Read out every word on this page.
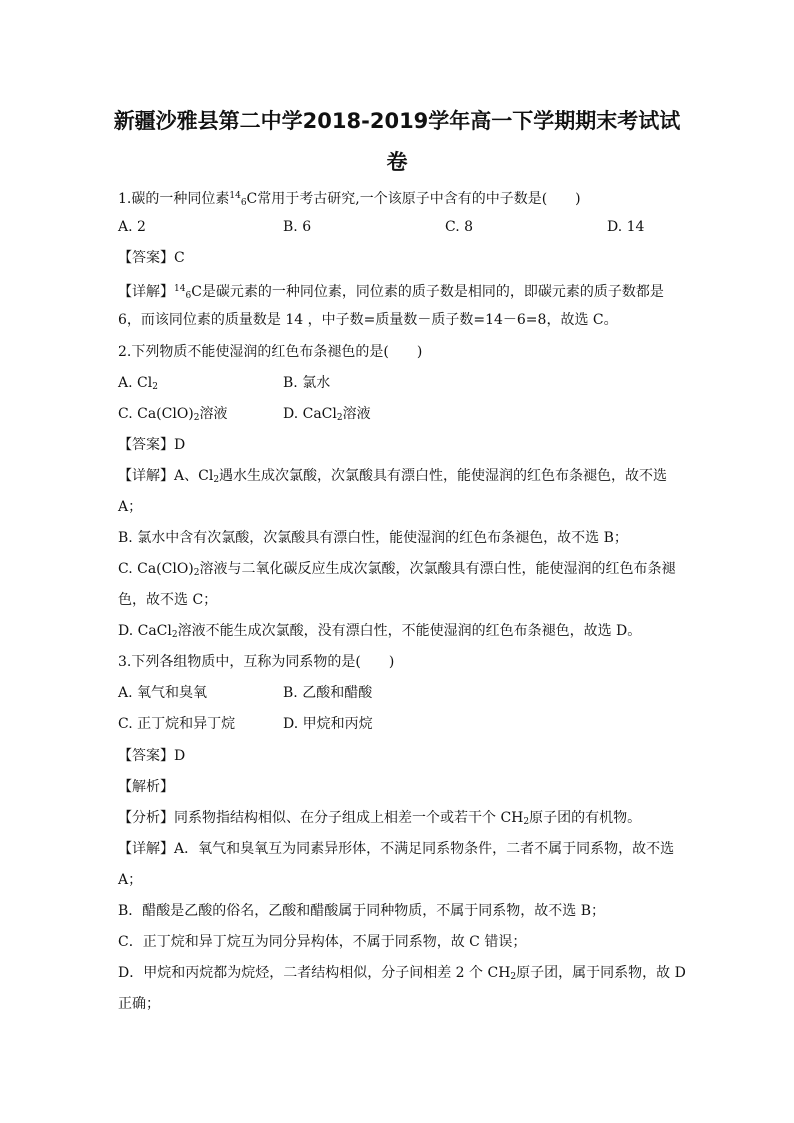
新疆沙雅县第二中学2018-2019学年高一下学期期末考试试
卷
1.碳的一种同位素$^{14}_6$C常用于考古研究,一个该原子中含有的中子数是(　　)
A. 2	B. 6	C. 8	D. 14
【答案】C
【详解】$^{14}_6$C是碳元素的一种同位素，同位素的质子数是相同的，即碳元素的质子数都是
6，而该同位素的质量数是 14 ，中子数=质量数－质子数=14－6=8，故选 C。
2.下列物质不能使湿润的红色布条褪色的是(　　)
A. $Cl_2$	B. 氯水
C. $Ca(ClO)_2$溶液	D. CaCl$_2$溶液
【答案】D
【详解】A、$Cl_2$遇水生成次氯酸，次氯酸具有漂白性，能使湿润的红色布条褪色，故不选
A；
B. 氯水中含有次氯酸，次氯酸具有漂白性，能使湿润的红色布条褪色，故不选 B；
C. $Ca(ClO)_2$溶液与二氧化碳反应生成次氯酸，次氯酸具有漂白性，能使湿润的红色布条褪
色，故不选 C；
D. CaCl$_2$溶液不能生成次氯酸，没有漂白性，不能使湿润的红色布条褪色，故选 D。
3.下列各组物质中，互称为同系物的是(　　)
A. 氧气和臭氧	B. 乙酸和醋酸
C. 正丁烷和异丁烷	D. 甲烷和丙烷
【答案】D
【解析】
【分析】同系物指结构相似、在分子组成上相差一个或若干个 $CH_2$原子团的有机物。
【详解】A．氧气和臭氧互为同素异形体，不满足同系物条件，二者不属于同系物，故不选
A；
B．醋酸是乙酸的俗名，乙酸和醋酸属于同种物质，不属于同系物，故不选 B；
C．正丁烷和异丁烷互为同分异构体，不属于同系物，故 C 错误；
D．甲烷和丙烷都为烷烃，二者结构相似，分子间相差 2 个 $CH_2$原子团，属于同系物，故 D
正确；
